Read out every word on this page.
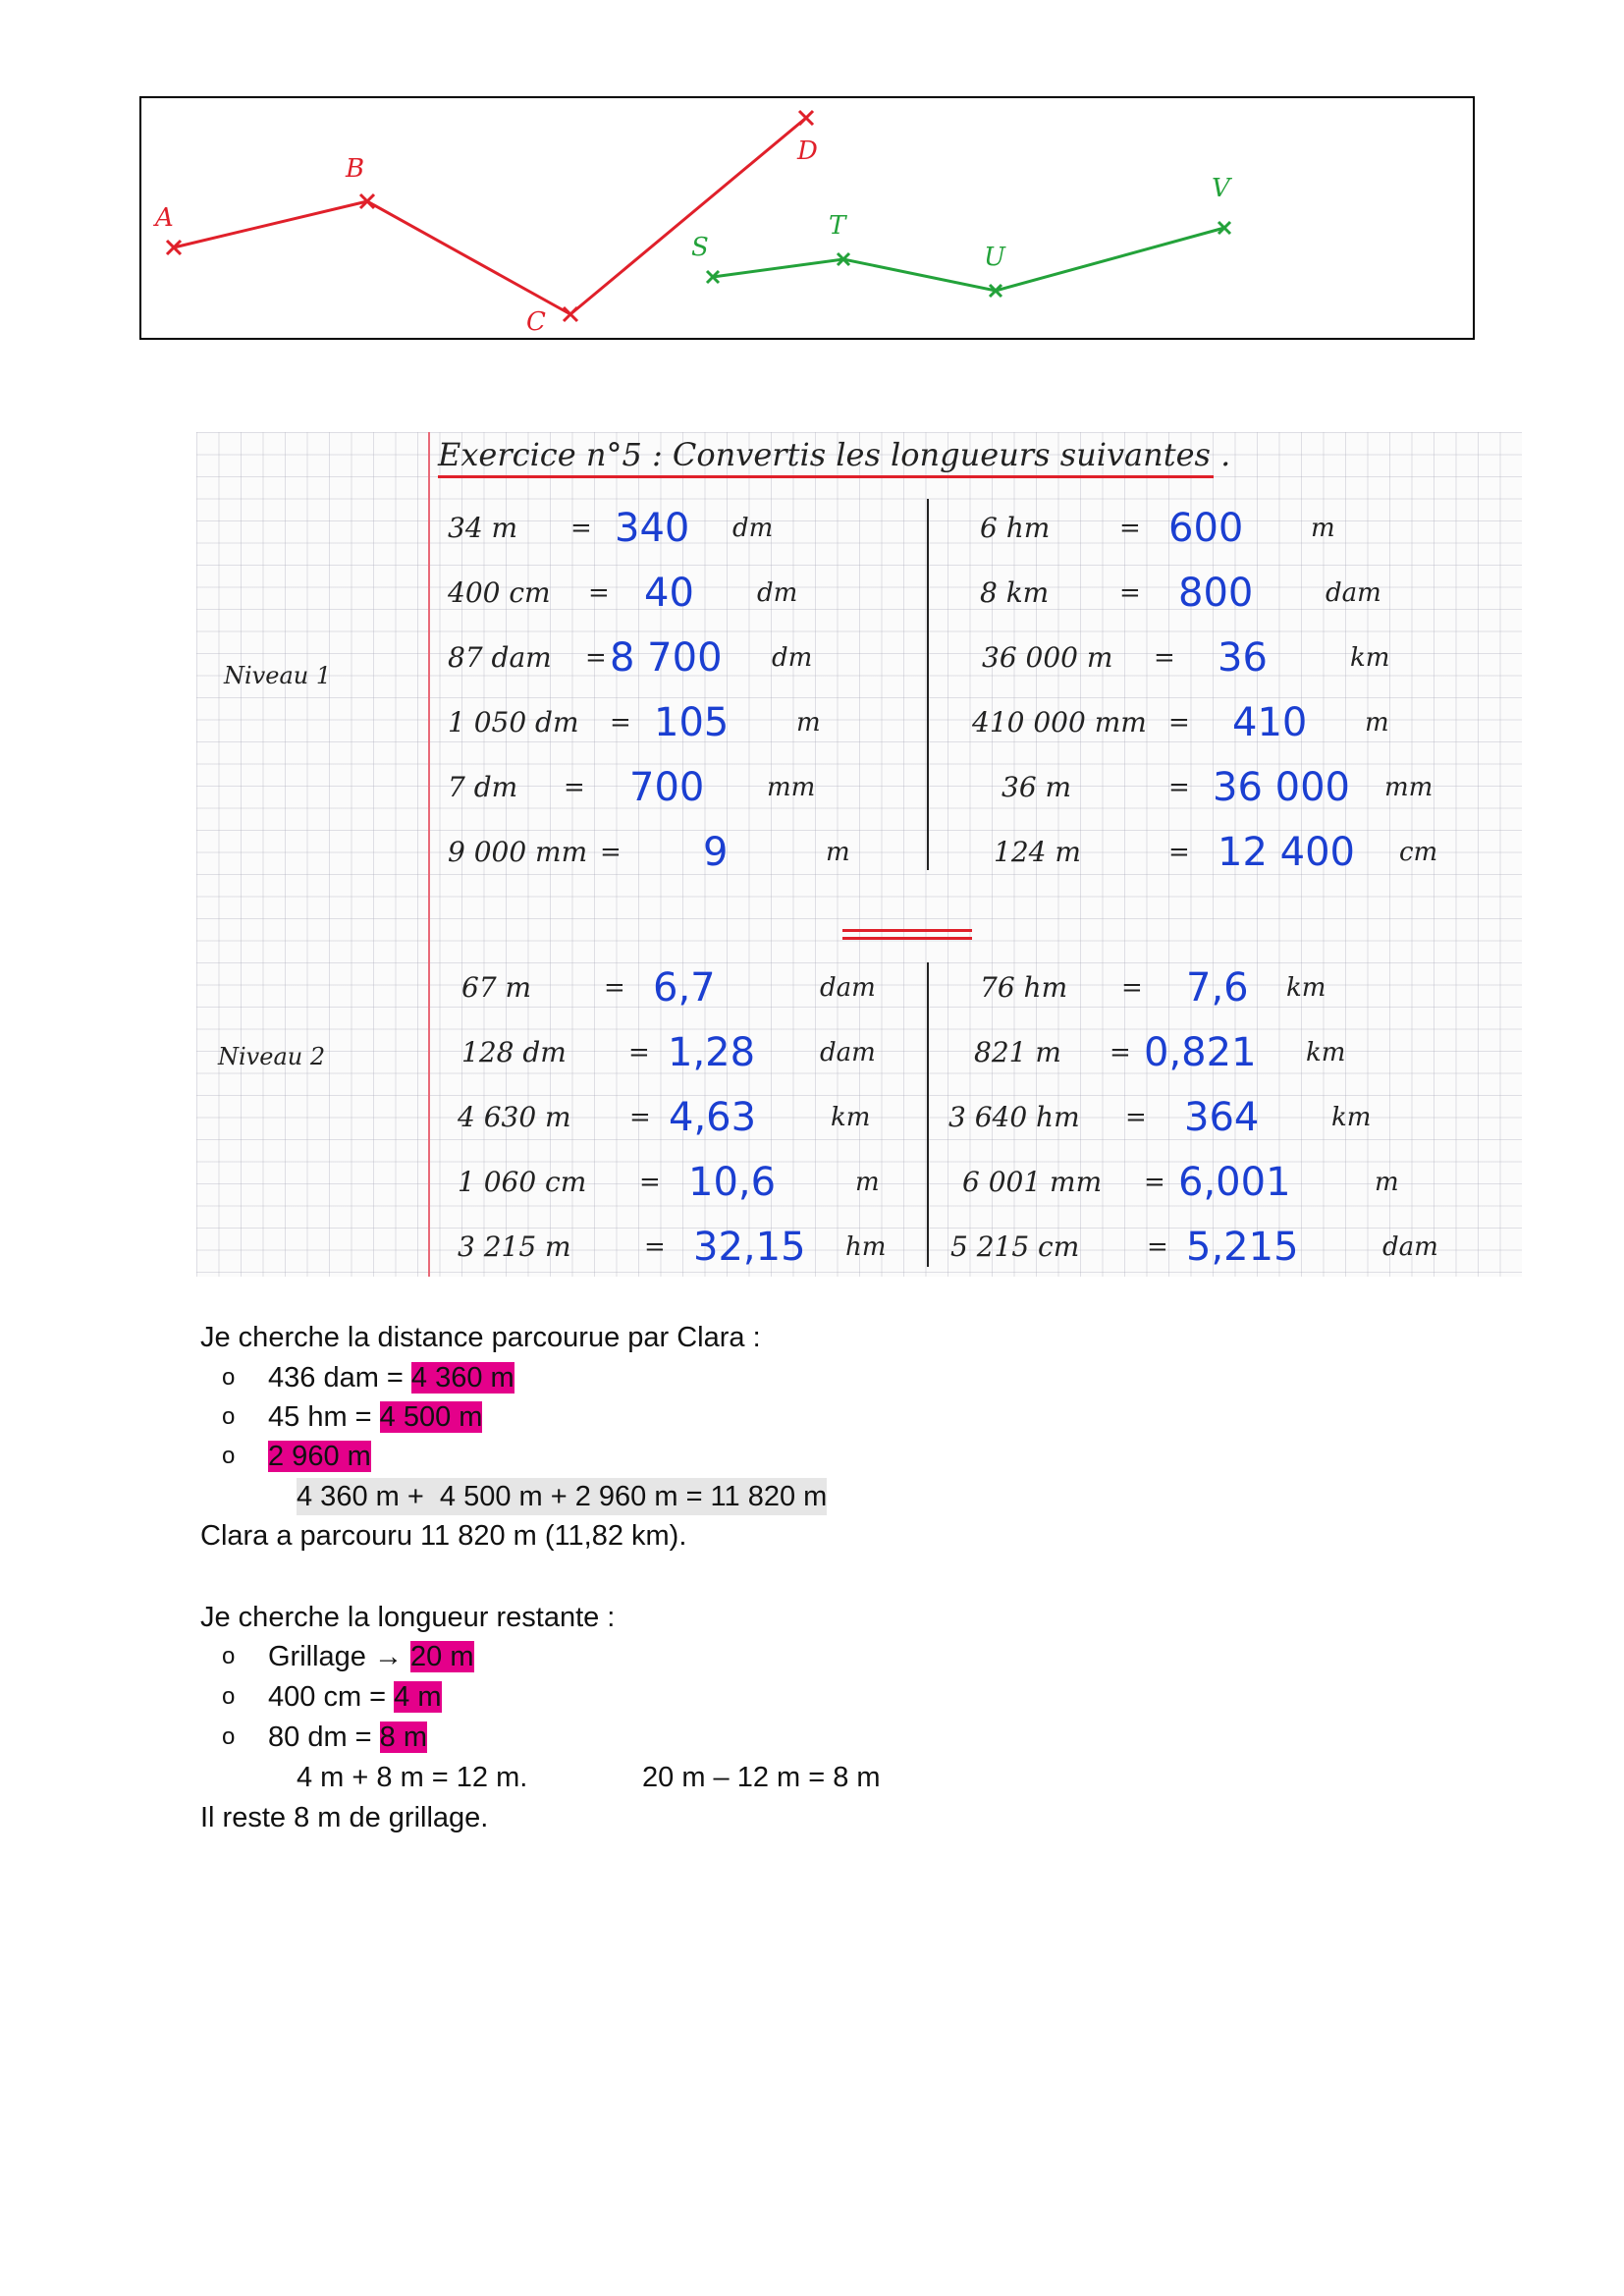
A
B
C
D
S
T
U
V
Exercice n°5 : Convertis les longueurs suivantes .
Niveau 1
Niveau 2
34 m = 340 dm
400 cm = 40 dm
87 dam = 8 700 dm
1 050 dm = 105	m
7 dm = 700 mm
9 000 mm = 9	m
6 hm	= 600	m
8 km	= 800	dam
36 000 m = 36	km
410 000 mm = 410 m
36 m	= 36 000 mm
124 m	= 12 400 cm
67 m	= 6,7	dam
128 dm = 1,28	dam
4 630 m = 4,63	km
1 060 cm = 10,6	m
3 215 m	= 32,15 hm
76 hm = 7,6 km
821 m = 0,821 km
3 640 hm = 364	km
6 001 mm = 6,001	m
5 215 cm	= 5,215	dam
Je cherche la distance parcourue par Clara :
o 436 dam = 4 360 m
o 45 hm = 4 500 m
o 2 960 m
4 360 m +  4 500 m + 2 960 m = 11 820 m
Clara a parcouru 11 820 m (11,82 km).
Je cherche la longueur restante :
o Grillage → 20 m
o 400 cm = 4 m
o 80 dm = 8 m
4 m + 8 m = 12 m.	20 m – 12 m = 8 m
Il reste 8 m de grillage.
